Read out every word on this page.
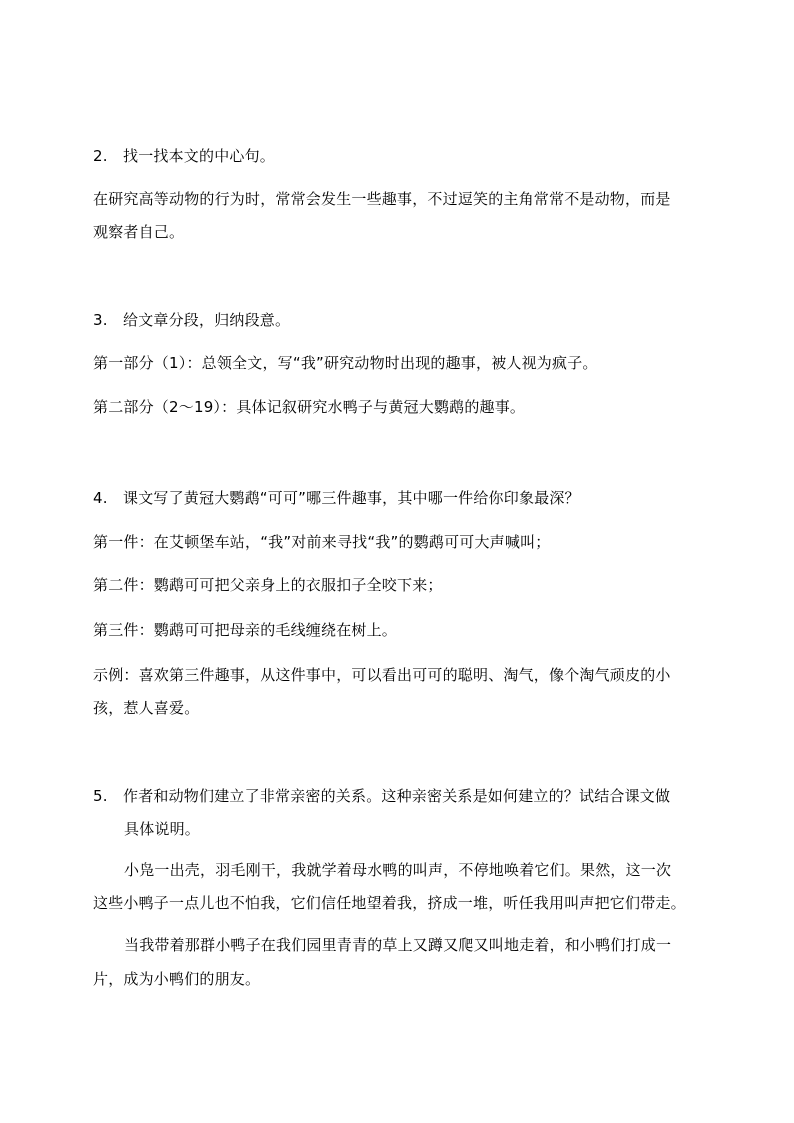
2. 找一找本文的中心句。
在研究高等动物的行为时，常常会发生一些趣事，不过逗笑的主角常常不是动物，而是
观察者自己。
3. 给文章分段，归纳段意。
第一部分（1）：总领全文，写“我”研究动物时出现的趣事，被人视为疯子。
第二部分（2～19）：具体记叙研究水鸭子与黄冠大鹦鹉的趣事。
4. 课文写了黄冠大鹦鹉“可可”哪三件趣事，其中哪一件给你印象最深？
第一件：在艾顿堡车站，“我”对前来寻找“我”的鹦鹉可可大声喊叫；
第二件：鹦鹉可可把父亲身上的衣服扣子全咬下来；
第三件：鹦鹉可可把母亲的毛线缠绕在树上。
示例：喜欢第三件趣事，从这件事中，可以看出可可的聪明、淘气，像个淘气顽皮的小
孩，惹人喜爱。
5. 作者和动物们建立了非常亲密的关系。这种亲密关系是如何建立的？试结合课文做
具体说明。
小凫一出壳，羽毛刚干，我就学着母水鸭的叫声，不停地唤着它们。果然，这一次
这些小鸭子一点儿也不怕我，它们信任地望着我，挤成一堆，听任我用叫声把它们带走。
当我带着那群小鸭子在我们园里青青的草上又蹲又爬又叫地走着，和小鸭们打成一
片，成为小鸭们的朋友。
